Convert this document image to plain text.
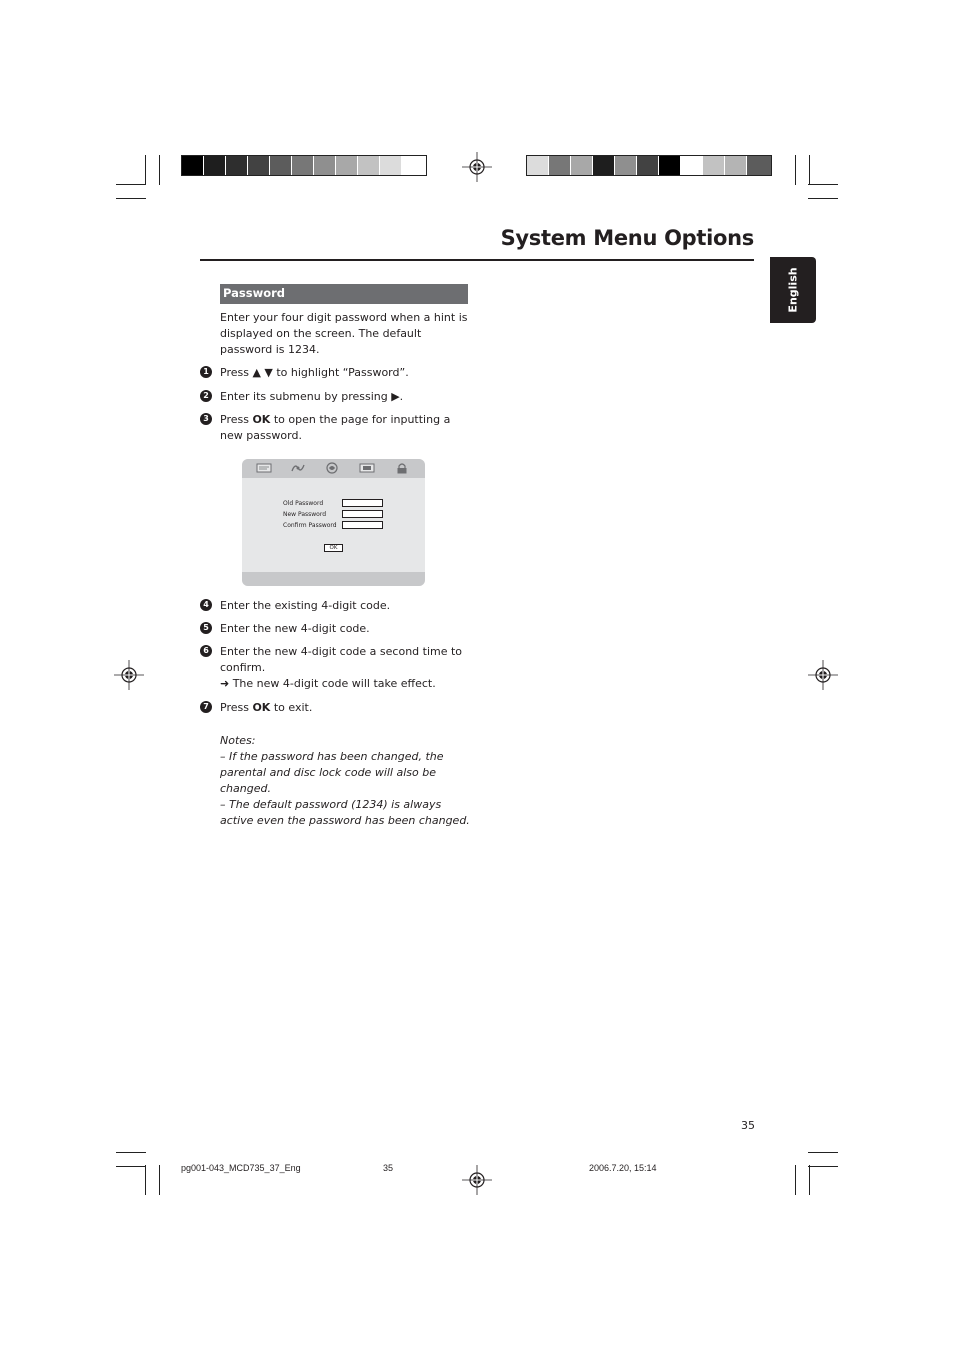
System Menu Options
English
Password
Enter your four digit password when a hint is displayed on the screen. The default password is 1234.
1 Press ▲ ▼ to highlight “Password”.
2 Enter its submenu by pressing ▶.
3 Press OK to open the page for inputting a new password.
Old Password
New Password
Confirm Password
OK
4 Enter the existing 4-digit code.
5 Enter the new 4-digit code.
6 Enter the new 4-digit code a second time to confirm.
➜ The new 4-digit code will take effect.
7 Press OK to exit.
Notes:
– If the password has been changed, the parental and disc lock code will also be changed.
– The default password (1234) is always active even the password has been changed.
35
pg001-043_MCD735_37_Eng	35	2006.7.20, 15:14
